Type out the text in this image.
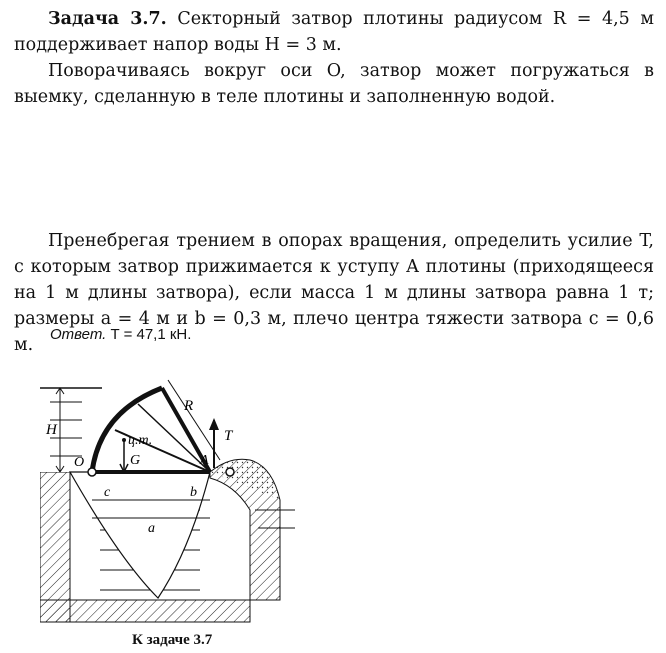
Задача 3.7. Секторный затвор плотины радиусом R = 4,5 м поддерживает напор воды H = 3 м.

Поворачиваясь вокруг оси O, затвор может погружаться в выемку, сделанную в теле плотины и заполненную водой.

Пренебрегая трением в опорах вращения, определить усилие T, с которым затвор прижимается к уступу A плотины (приходящееся на 1 м длины затвора), если масса 1 м длины затвора равна 1 т; размеры a = 4 м и b = 0,3 м, плечо центра тяжести затвора c = 0,6 м.

Ответ. T = 47,1 кН.
H
R
T
A
O
ц.т.
G
c	b
a
К задаче 3.7
